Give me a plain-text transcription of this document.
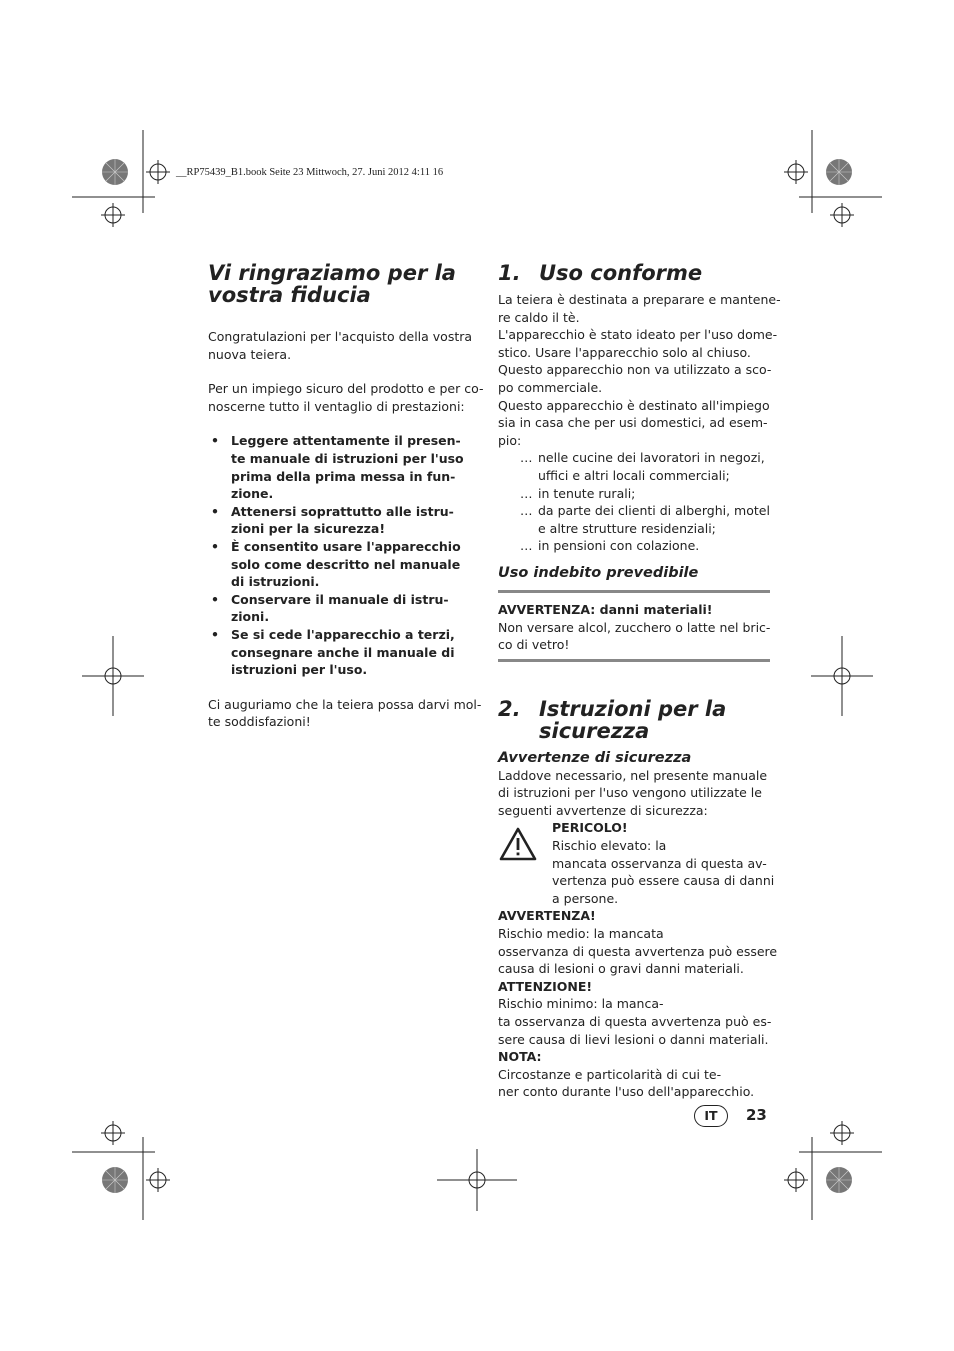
__RP75439_B1.book Seite 23 Mittwoch, 27. Juni 2012 4:11 16
Vi ringraziamo per la
vostra fiducia
Congratulazioni per l'acquisto della vostra
nuova teiera.
Per un impiego sicuro del prodotto e per co-
noscerne tutto il ventaglio di prestazioni:
• Leggere attentamente il presen-
te manuale di istruzioni per l'uso
prima della prima messa in fun-
zione.
• Attenersi soprattutto alle istru-
zioni per la sicurezza!
• È consentito usare l'apparecchio
solo come descritto nel manuale
di istruzioni.
• Conservare il manuale di istru-
zioni.
• Se si cede l'apparecchio a terzi,
consegnare anche il manuale di
istruzioni per l'uso.
Ci auguriamo che la teiera possa darvi mol-
te soddisfazioni!
1. Uso conforme
La teiera è destinata a preparare e mantene-
re caldo il tè.
L'apparecchio è stato ideato per l'uso dome-
stico. Usare l'apparecchio solo al chiuso.
Questo apparecchio non va utilizzato a sco-
po commerciale.
Questo apparecchio è destinato all'impiego
sia in casa che per usi domestici, ad esem-
pio:
… nelle cucine dei lavoratori in negozi,
uffici e altri locali commerciali;
… in tenute rurali;
… da parte dei clienti di alberghi, motel
e altre strutture residenziali;
… in pensioni con colazione.
Uso indebito prevedibile
AVVERTENZA: danni materiali!
Non versare alcol, zucchero o latte nel bric-
co di vetro!
2. Istruzioni per la
sicurezza
Avvertenze di sicurezza
Laddove necessario, nel presente manuale
di istruzioni per l'uso vengono utilizzate le
seguenti avvertenze di sicurezza:
PERICOLO!
Rischio elevato: la
mancata osservanza di questa av-
vertenza può essere causa di danni
a persone.
AVVERTENZA!
Rischio medio: la mancata
osservanza di questa avvertenza può essere
causa di lesioni o gravi danni materiali.
ATTENZIONE!
Rischio minimo: la manca-
ta osservanza di questa avvertenza può es-
sere causa di lievi lesioni o danni materiali.
NOTA:
Circostanze e particolarità di cui te-
ner conto durante l'uso dell'apparecchio.
IT	23
